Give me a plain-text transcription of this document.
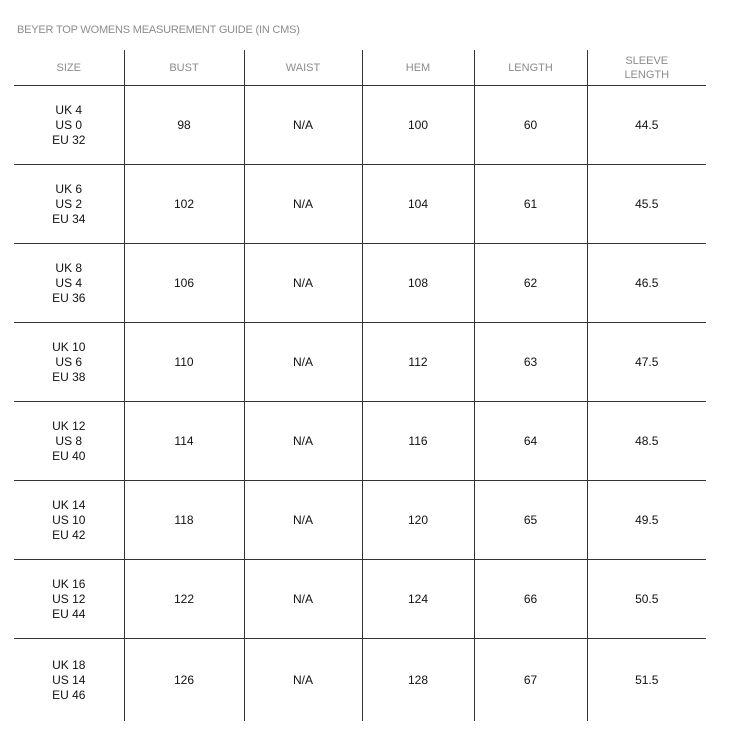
BEYER TOP WOMENS MEASUREMENT GUIDE (IN CMS)
SIZE	BUST	WAIST	HEM	LENGTH	SLEEVE
LENGTH

UK 4
US 0
EU 32	98	N/A	100	60	44.5

UK 6
US 2
EU 34	102	N/A	104	61	45.5

UK 8
US 4
EU 36	106	N/A	108	62	46.5

UK 10
US 6
EU 38	110	N/A	112	63	47.5

UK 12
US 8
EU 40	114	N/A	116	64	48.5

UK 14
US 10
EU 42	118	N/A	120	65	49.5

UK 16
US 12
EU 44	122	N/A	124	66	50.5

UK 18
US 14
EU 46	126	N/A	128	67	51.5
